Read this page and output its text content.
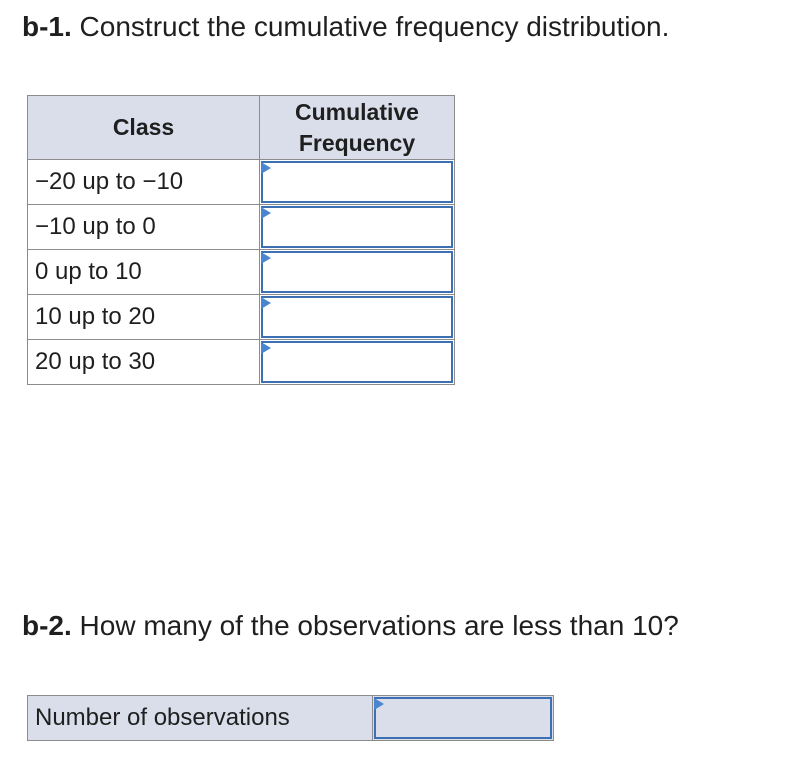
b-1. Construct the cumulative frequency distribution.
Class	Cumulative
Frequency
−20 up to −10	

−10 up to 0	

0 up to 10	

10 up to 20	

20 up to 30	
b-2. How many of the observations are less than 10?
Number of observations
